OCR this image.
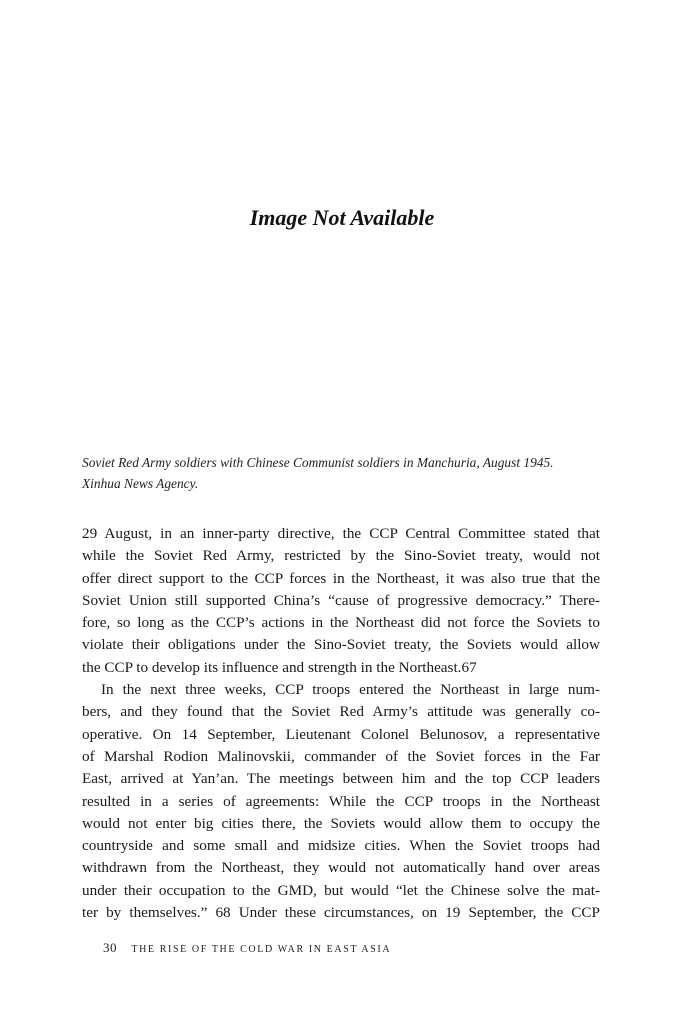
Image Not Available
Soviet Red Army soldiers with Chinese Communist soldiers in Manchuria, August 1945.
Xinhua News Agency.
29 August, in an inner-party directive, the CCP Central Committee stated that
while the Soviet Red Army, restricted by the Sino-Soviet treaty, would not
offer direct support to the CCP forces in the Northeast, it was also true that the
Soviet Union still supported China’s “cause of progressive democracy.” There-
fore, so long as the CCP’s actions in the Northeast did not force the Soviets to
violate their obligations under the Sino-Soviet treaty, the Soviets would allow
the CCP to develop its influence and strength in the Northeast.67
In the next three weeks, CCP troops entered the Northeast in large num-
bers, and they found that the Soviet Red Army’s attitude was generally co-
operative. On 14 September, Lieutenant Colonel Belunosov, a representative
of Marshal Rodion Malinovskii, commander of the Soviet forces in the Far
East, arrived at Yan’an. The meetings between him and the top CCP leaders
resulted in a series of agreements: While the CCP troops in the Northeast
would not enter big cities there, the Soviets would allow them to occupy the
countryside and some small and midsize cities. When the Soviet troops had
withdrawn from the Northeast, they would not automatically hand over areas
under their occupation to the GMD, but would “let the Chinese solve the mat-
ter by themselves.” 68 Under these circumstances, on 19 September, the CCP
30 THE RISE OF THE COLD WAR IN EAST ASIA
